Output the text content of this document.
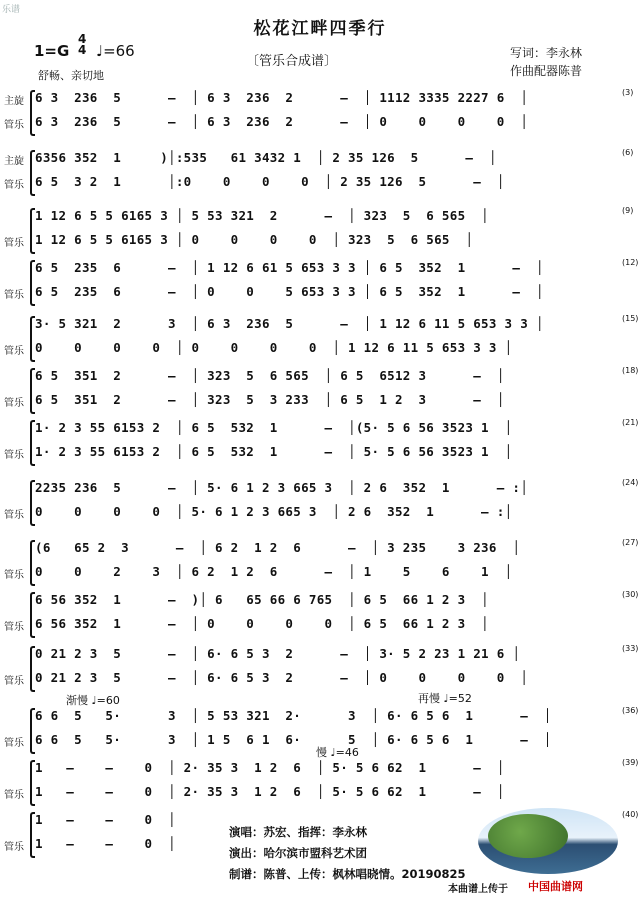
乐谱
松花江畔四季行
1=G
4
4 ♩=66
舒畅、亲切地
〔管乐合成谱〕
写词：李永林
作曲配器陈普
主旋 6 3  236  5      –  │ 6 3  236  2      –  │ 1112 3335 2227 6  │
管乐 6 3  236  5      –  │ 6 3  236  2      –  │ 0    0    0    0  │
(3)
主旋 6356 352  1     )│:535   61 3432 1  │ 2 35 126  5      –  │
管乐 6 5  3 2  1      │:0    0    0    0  │ 2 35 126  5      –  │
(6)
1 12 6 5 5 6165 3 │ 5 53 321  2      –  │ 323  5  6 565  │
管乐 1 12 6 5 5 6165 3 │ 0    0    0    0  │ 323  5  6 565  │
(9)
6 5  235  6      –  │ 1 12 6 61 5 653 3 3 │ 6 5  352  1      –  │
管乐 6 5  235  6      –  │ 0    0    5 653 3 3 │ 6 5  352  1      –  │
(12)
3· 5 321  2      3  │ 6 3  236  5      –  │ 1 12 6 11 5 653 3 3 │
管乐 0    0    0    0  │ 0    0    0    0  │ 1 12 6 11 5 653 3 3 │
(15)
6 5  351  2      –  │ 323  5  6 565  │ 6 5  6512 3      –  │
管乐 6 5  351  2      –  │ 323  5  3 233  │ 6 5  1 2  3      –  │
(18)
1· 2 3 55 6153 2  │ 6 5  532  1      –  │(5· 5 6 56 3523 1  │
管乐 1· 2 3 55 6153 2  │ 6 5  532  1      –  │ 5· 5 6 56 3523 1  │
(21)
2235 236  5      –  │ 5· 6 1 2 3 665 3  │ 2 6  352  1      – :│
管乐 0    0    0    0  │ 5· 6 1 2 3 665 3  │ 2 6  352  1      – :│
(24)
(6   65 2  3      –  │ 6 2  1 2  6      –  │ 3 235    3 236  │
管乐 0    0    2    3  │ 6 2  1 2  6      –  │ 1    5    6    1  │
(27)
6 56 352  1      –  )│ 6   65 66 6 765  │ 6 5  66 1 2 3  │
管乐 6 56 352  1      –  │ 0    0    0    0  │ 6 5  66 1 2 3  │
(30)
0 21 2 3  5      –  │ 6· 6 5 3  2      –  │ 3· 5 2 23 1 21 6 │
管乐 0 21 2 3  5      –  │ 6· 6 5 3  2      –  │ 0    0    0    0  │
(33)
6 6  5   5·      3  │ 5 53 321  2·      3  │ 6· 6 5 6  1      –  │
管乐 6 6  5   5·      3  │ 1 5  6 1  6·      5  │ 6· 6 5 6  1      –  │
(36)
1   –    –    0  │ 2· 35 3  1 2  6  │ 5· 5 6 62  1      –  │
管乐 1   –    –    0  │ 2· 35 3  1 2  6  │ 5· 5 6 62  1      –  │
(39)
1   –    –    0  │
管乐 1   –    –    0  │
(40)
渐慢 ♩=60	再慢 ♩=52
慢 ♩=46
演唱：苏宏、指挥：李永林
演出：哈尔滨市盟科艺术团
制谱：陈普、上传：枫林唱晓情。20190825
本曲谱上传于 中国曲谱网
